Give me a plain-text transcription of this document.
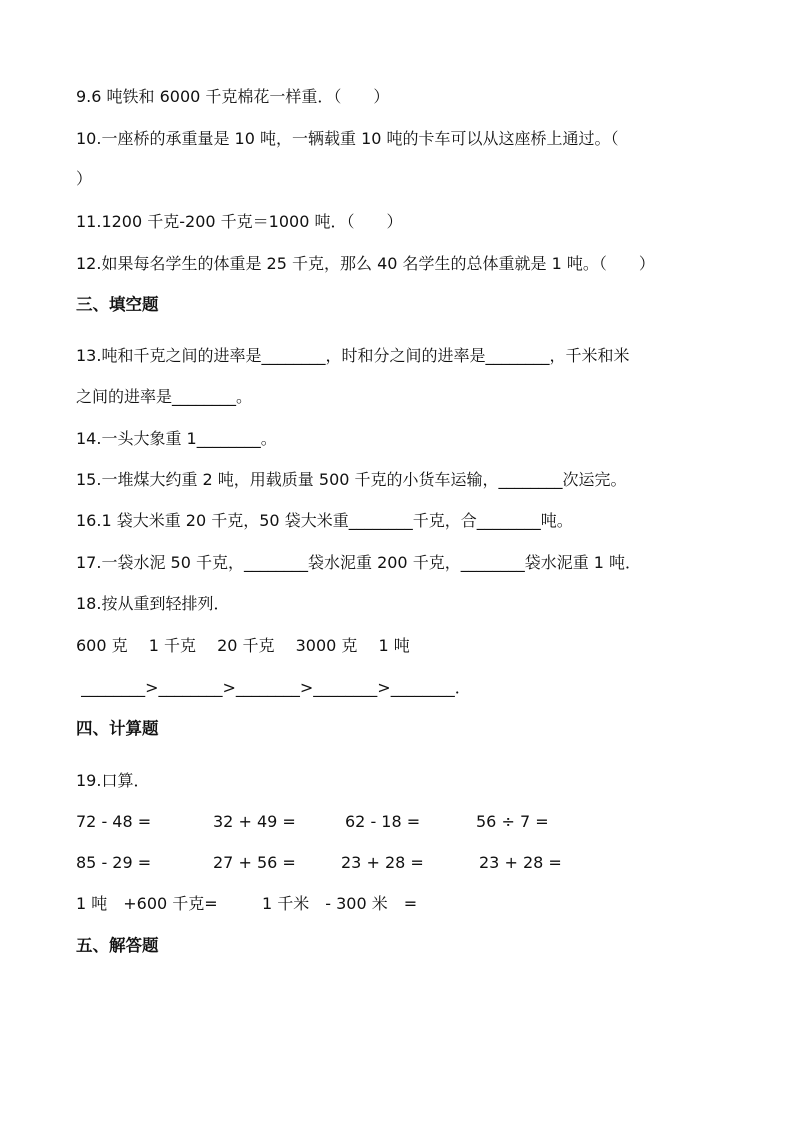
9.6 吨铁和 6000 千克棉花一样重．（　　）
10.一座桥的承重量是 10 吨，一辆载重 10 吨的卡车可以从这座桥上通过。（
）
11.1200 千克-200 千克＝1000 吨．（　　）
12.如果每名学生的体重是 25 千克，那么 40 名学生的总体重就是 1 吨。（　　）
三、填空题
13.吨和千克之间的进率是________，时和分之间的进率是________，千米和米
之间的进率是________。
14.一头大象重 1________。
15.一堆煤大约重 2 吨，用载质量 500 千克的小货车运输，________次运完。
16.1 袋大米重 20 千克，50 袋大米重________千克，合________吨。
17.一袋水泥 50 千克，________袋水泥重 200 千克，________袋水泥重 1 吨．
18.按从重到轻排列．
600 克　 1 千克　 20 千克　 3000 克　 1 吨
________>________>________>________>________．
四、计算题
19.口算．
72 - 48 =	32 + 49 =	62 - 18 =	56 ÷ 7 =
85 - 29 =	27 + 56 =	23 + 28 =	23 + 28 =
1 吨　+600 千克=	1 千米　- 300 米　=
五、解答题
